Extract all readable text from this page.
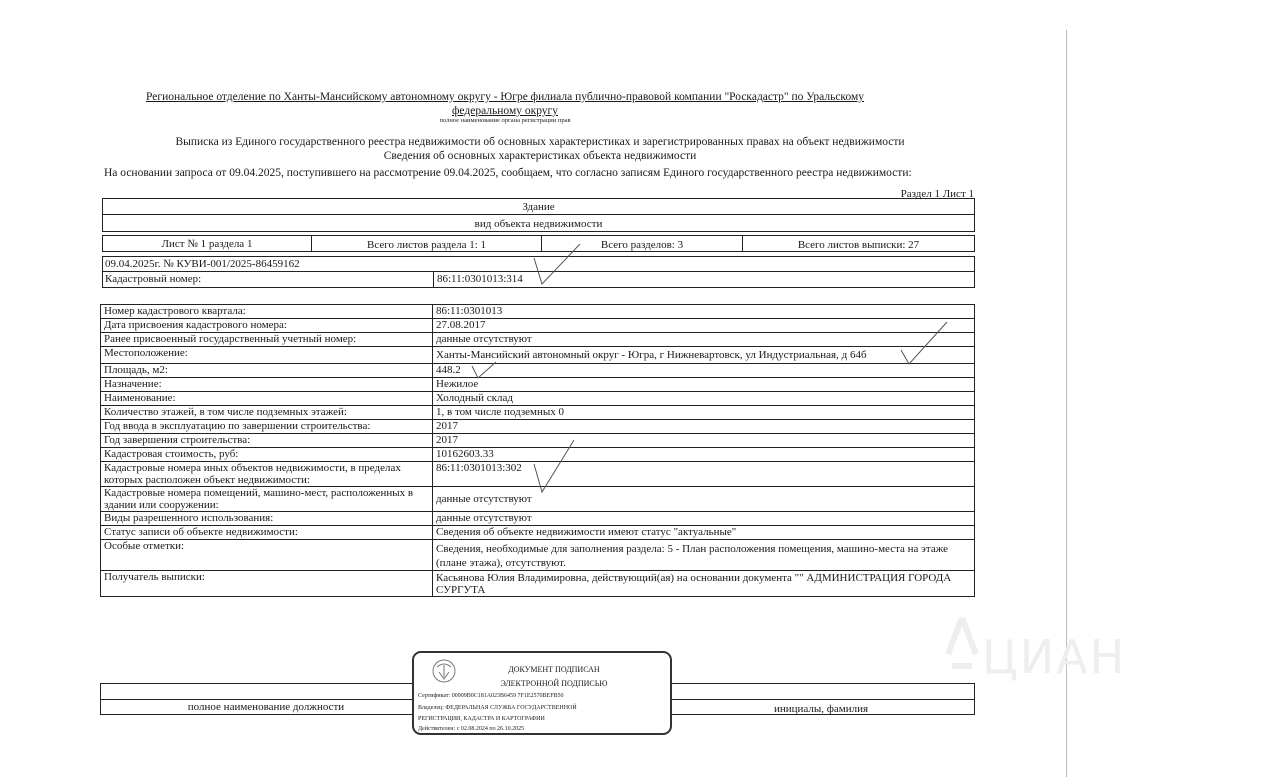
Региональное отделение по Ханты-Мансийскому автономному округу - Югре филиала публично-правовой компании "Роскадастр" по Уральскому федеральному округу
полное наименование органа регистрации прав
Выписка из Единого государственного реестра недвижимости об основных характеристиках и зарегистрированных правах на объект недвижимости
Сведения об основных характеристиках объекта недвижимости
На основании запроса от 09.04.2025, поступившего на рассмотрение 09.04.2025, сообщаем, что согласно записям Единого государственного реестра недвижимости:
Раздел 1 Лист 1
Здание
вид объекта недвижимости
Лист № 1 раздела 1	Всего листов раздела 1: 1	Всего разделов: 3	Всего листов выписки: 27
09.04.2025г. № КУВИ-001/2025-86459162
Кадастровый номер:	86:11:0301013:314
Номер кадастрового квартала:	86:11:0301013
Дата присвоения кадастрового номера:	27.08.2017
Ранее присвоенный государственный учетный номер:	данные отсутствуют
Местоположение:	Ханты-Мансийский автономный округ - Югра, г Нижневартовск, ул Индустриальная, д 64б
Площадь, м2:	448.2
Назначение:	Нежилое
Наименование:	Холодный склад
Количество этажей, в том числе подземных этажей:	1, в том числе подземных 0
Год ввода в эксплуатацию по завершении строительства:	2017
Год завершения строительства:	2017
Кадастровая стоимость, руб:	10162603.33
Кадастровые номера иных объектов недвижимости, в пределах которых расположен объект недвижимости:	86:11:0301013:302
Кадастровые номера помещений, машино-мест, расположенных в здании или сооружении:	данные отсутствуют
Виды разрешенного использования:	данные отсутствуют
Статус записи об объекте недвижимости:	Сведения об объекте недвижимости имеют статус "актуальные"
Особые отметки:	Сведения, необходимые для заполнения раздела: 5 - План расположения помещения, машино-места на этаже (плане этажа), отсутствуют.
Получатель выписки:	Касьянова Юлия Владимировна, действующий(ая) на основании документа "" АДМИНИСТРАЦИЯ ГОРОДА СУРГУТА
полное наименование должности	инициалы, фамилия
ДОКУМЕНТ ПОДПИСАН
ЭЛЕКТРОННОЙ ПОДПИСЬЮ
Сертификат: 00909B0C181A023B6459 7F1E2570BEFB50
Владелец: ФЕДЕРАЛЬНАЯ СЛУЖБА ГОСУДАРСТВЕННОЙ
РЕГИСТРАЦИИ, КАДАСТРА И КАРТОГРАФИИ
Действителен: с 02.08.2024 по 26.10.2025
ЦИАН
